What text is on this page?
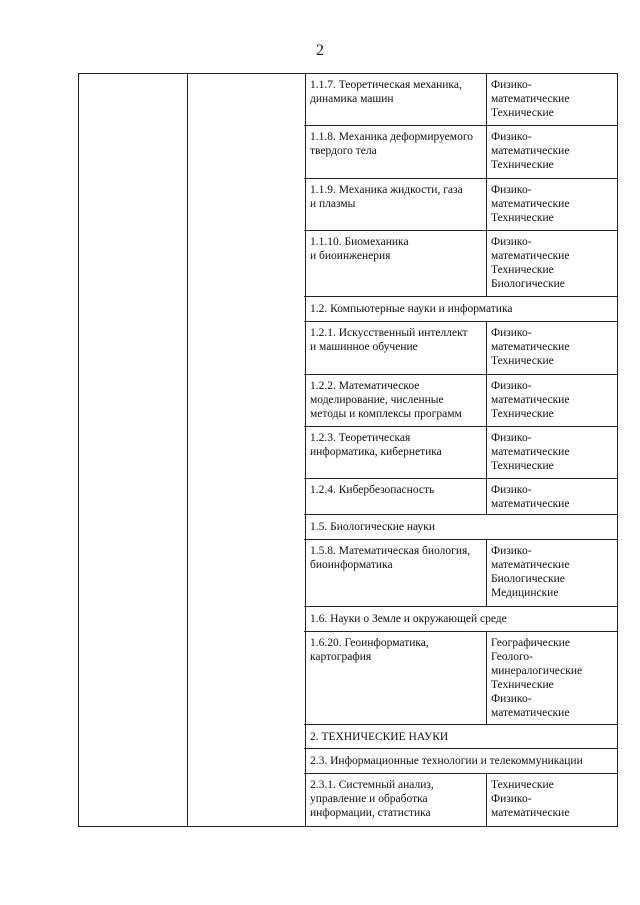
2
1.1.7. Теоретическая механика,
динамика машин
Физико-
математические
Технические
1.1.8. Механика деформируемого
твердого тела
Физико-
математические
Технические
1.1.9. Механика жидкости, газа
и плазмы
Физико-
математические
Технические
1.1.10. Биомеханика
и биоинженерия
Физико-
математические
Технические
Биологические
1.2. Компьютерные науки и информатика
1.2.1. Искусственный интеллект
и машинное обучение
Физико-
математические
Технические
1.2.2. Математическое
моделирование, численные
методы и комплексы программ
Физико-
математические
Технические
1.2.3. Теоретическая
информатика, кибернетика
Физико-
математические
Технические
1.2.4. Кибербезопасность	Физико-
математические
1.5. Биологические науки
1.5.8. Математическая биология,
биоинформатика
Физико-
математические
Биологические
Медицинские
1.6. Науки о Земле и окружающей среде
1.6.20. Геоинформатика,
картография
Географические
Геолого-
минералогические
Технические
Физико-
математические
2. ТЕХНИЧЕСКИЕ НАУКИ
2.3. Информационные технологии и телекоммуникации
2.3.1. Системный анализ,
управление и обработка
информации, статистика
Технические
Физико-
математические
